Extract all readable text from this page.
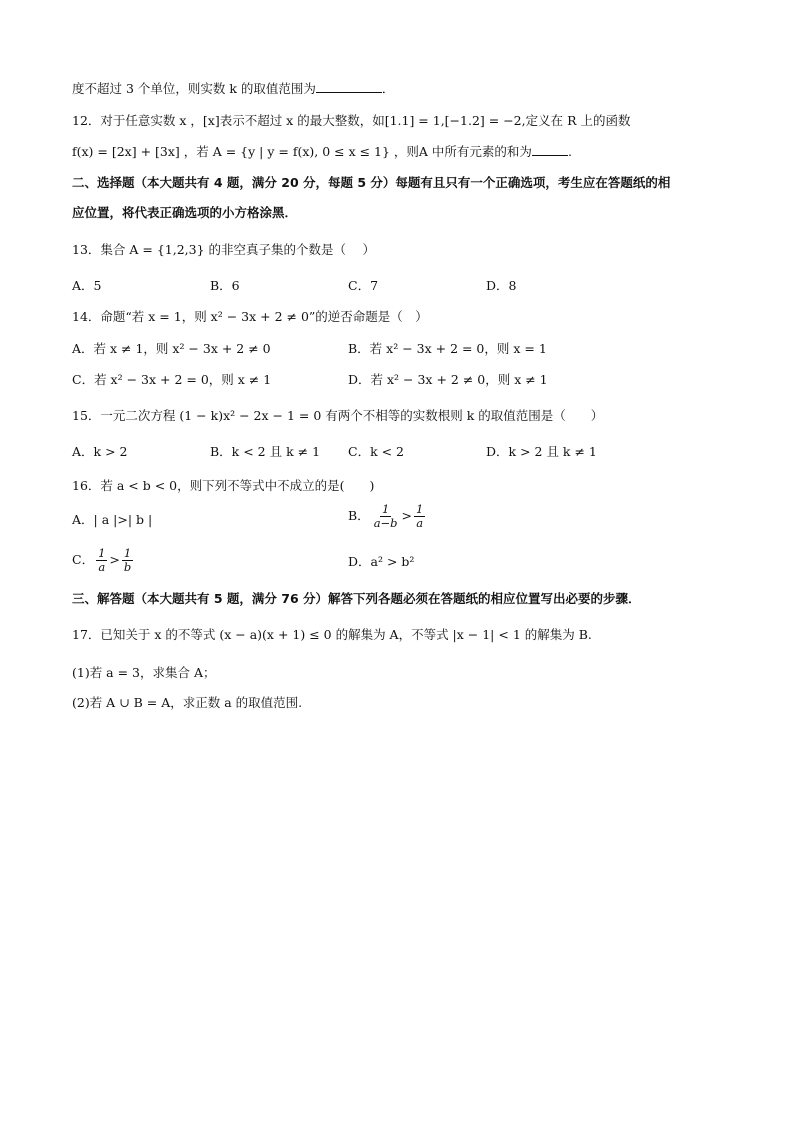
度不超过 3 个单位，则实数 k 的取值范围为	．
12．对于任意实数 x ，[x]表示不超过 x 的最大整数，如[1.1] = 1,[−1.2] = −2,定义在 R 上的函数
f(x) = [2x] + [3x] ，若 A = {y | y = f(x), 0 ≤ x ≤ 1} ，则A 中所有元素的和为	.
二、选择题（本大题共有 4 题，满分 20 分，每题 5 分）每题有且只有一个正确选项，考生应在答题纸的相
应位置，将代表正确选项的小方格涂黑．
13．集合 A = {1,2,3} 的非空真子集的个数是（　 ）
A．5	B．6	C．7	D．8
14．命题“若 x = 1，则 x² − 3x + 2 ≠ 0”的逆否命题是（　）
A．若 x ≠ 1，则 x² − 3x + 2 ≠ 0	B．若 x² − 3x + 2 = 0，则 x = 1
C．若 x² − 3x + 2 = 0，则 x ≠ 1	D．若 x² − 3x + 2 ≠ 0，则 x ≠ 1
15．一元二次方程 (1 − k)x² − 2x − 1 = 0 有两个不相等的实数根则 k 的取值范围是（　　）
A．k > 2	B．k < 2 且 k ≠ 1 C．k < 2	D．k > 2 且 k ≠ 1
16．若 a < b < 0，则下列不等式中不成立的是(　　)
A．| a |>| b |	B． $\frac{1}{a-b} > \frac{1}{a}$
C． $\frac{1}{a} > \frac{1}{b}$	D．a² > b²
三、解答题（本大题共有 5 题，满分 76 分）解答下列各题必须在答题纸的相应位置写出必要的步骤．
17．已知关于 x 的不等式 (x − a)(x + 1) ≤ 0 的解集为 A，不等式 |x − 1| < 1 的解集为 B.
(1)若 a = 3，求集合 A；
(2)若 A ∪ B = A，求正数 a 的取值范围.
